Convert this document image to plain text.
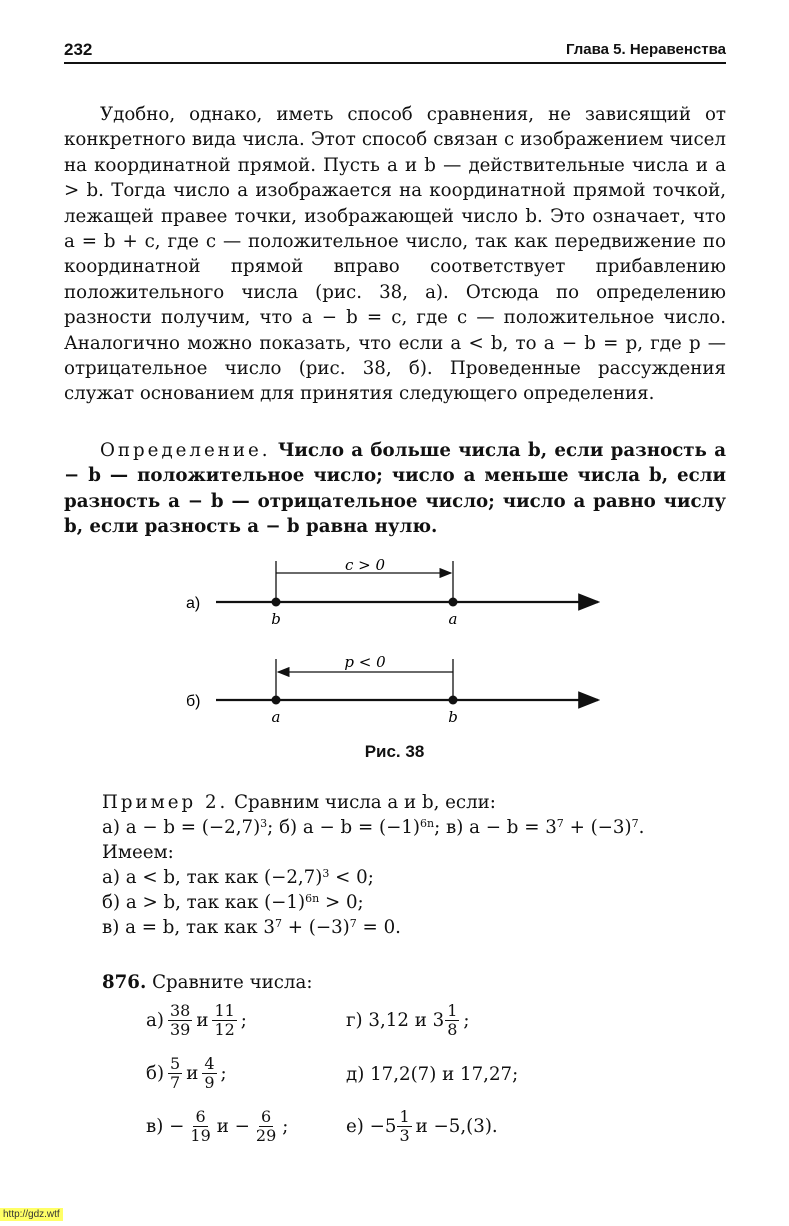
232	Глава 5. Неравенства

Удобно, однако, иметь способ сравнения, не зависящий от конкретного вида числа. Этот способ связан с изображением чисел на координатной прямой. Пусть a и b — действительные числа и a > b. Тогда число a изображается на координатной прямой точкой, лежащей правее точки, изображающей число b. Это означает, что a = b + c, где c — положительное число, так как передвижение по координатной прямой вправо соответствует прибавлению положительного числа (рис. 38, а). Отсюда по определению разности получим, что a − b = c, где c — положительное число. Аналогично можно показать, что если a < b, то a − b = p, где p — отрицательное число (рис. 38, б). Проведенные рассуждения служат основанием для принятия следующего определения.

Определение. Число a больше числа b, если разность a − b — положительное число; число a меньше числа b, если разность a − b — отрицательное число; число a равно числу b, если разность a − b равна нулю.

а)
c > 0
b	a
б)
p < 0
a	b
Рис. 38
Пример 2. Сравним числа a и b, если:
а) $a - b = (-2,7)^3$; б) $a - b = (-1)^{6n}$; в) $a - b = 3^7 + (-3)^7$.
Имеем:
а) a < b, так как $(-2,7)^3 < 0$;
б) a > b, так как $(-1)^{6n} > 0$;
в) a = b, так как $3^7 + (-3)^7 = 0$.
876. Сравните числа:
$а) \frac{38}{39}$ и $\frac{11}{12}$ ;
$б) \frac{5}{7}$ и $\frac{4}{9}$ ;
в)
− $\frac{6}{19}$ и
− $\frac{6}{29}$ ;
г)
3,12 и $3 \frac{1}{8}$ ;
д)
17,2(7) и 17,27;
е)
$-5 \frac{1}{3}$ и −5,(3).
http://gdz.wtf
